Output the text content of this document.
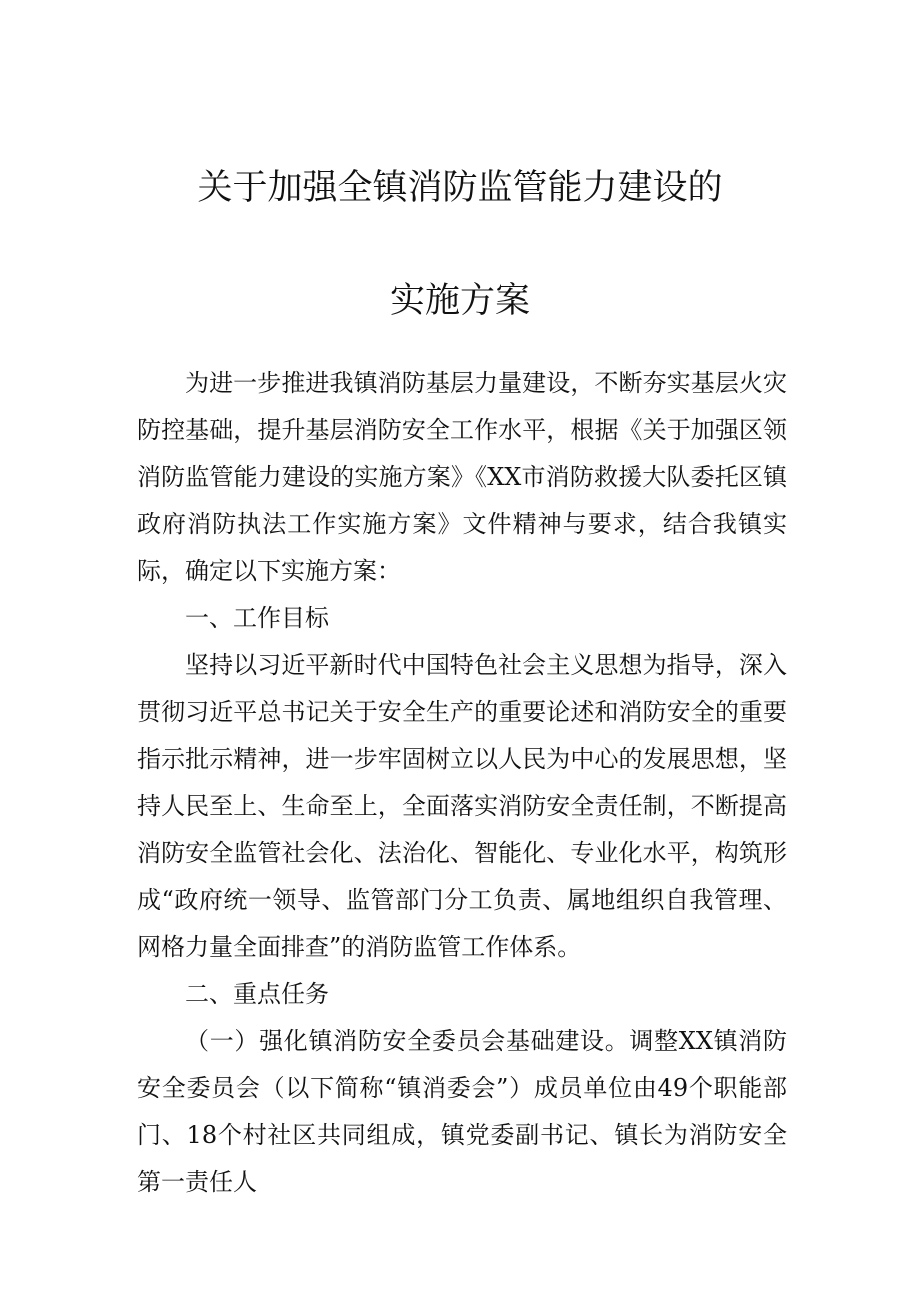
关于加强全镇消防监管能力建设的
实施方案

为进一步推进我镇消防基层力量建设，不断夯实基层火灾防控基础，提升基层消防安全工作水平，根据《关于加强区领消防监管能力建设的实施方案》《XX市消防救援大队委托区镇政府消防执法工作实施方案》文件精神与要求，结合我镇实际，确定以下实施方案：

一、工作目标

坚持以习近平新时代中国特色社会主义思想为指导，深入贯彻习近平总书记关于安全生产的重要论述和消防安全的重要指示批示精神，进一步牢固树立以人民为中心的发展思想，坚持人民至上、生命至上，全面落实消防安全责任制，不断提高消防安全监管社会化、法治化、智能化、专业化水平，构筑形成“政府统一领导、监管部门分工负责、属地组织自我管理、网格力量全面排查”的消防监管工作体系。

二、重点任务

（一）强化镇消防安全委员会基础建设。调整XX镇消防安全委员会（以下简称“镇消委会”）成员单位由49个职能部门、18个村社区共同组成，镇党委副书记、镇长为消防安全第一责任人
